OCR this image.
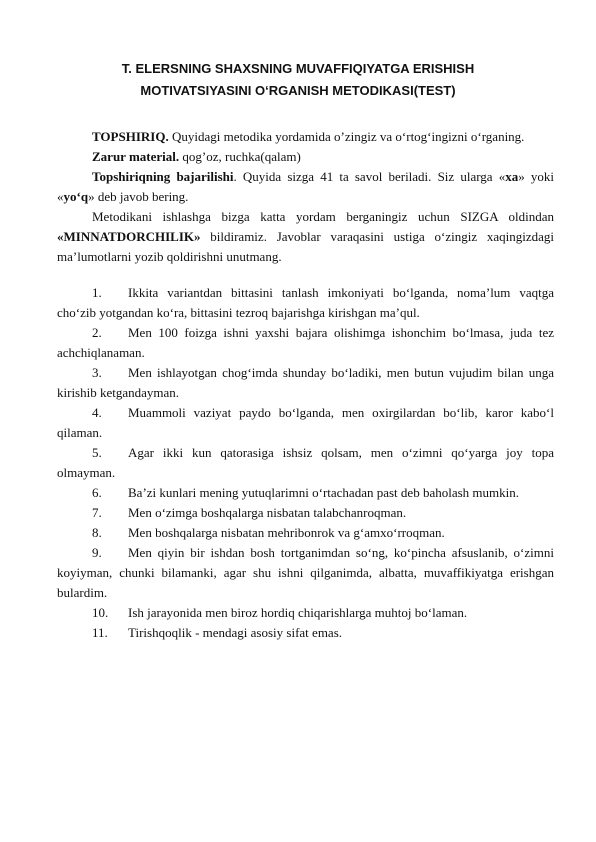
T. ELERSNING SHAXSNING MUVAFFIQIYATGA ERISHISH
MOTIVATSIYASINI O‘RGANISH METODIKASI(TEST)

TOPSHIRIQ. Quyidagi metodika yordamida o’zingiz va o‘rtog‘ingizni o‘rganing.

Zarur material. qog’oz, ruchka(qalam)

Topshiriqning bajarilishi. Quyida sizga 41 ta savol beriladi. Siz ularga «xa» yoki «yo‘q» deb javob bering.

Metodikani ishlashga bizga katta yordam berganingiz uchun SIZGA oldindan «MINNATDORCHILIK» bildiramiz. Javoblar varaqasini ustiga o‘zingiz xaqingizdagi ma’lumotlarni yozib qoldirishni unutmang.

1. Ikkita variantdan bittasini tanlash imkoniyati bo‘lganda, noma’lum vaqtga cho‘zib yotgandan ko‘ra, bittasini tezroq bajarishga kirishgan ma’qul.

2. Men 100 foizga ishni yaxshi bajara olishimga ishonchim bo‘lmasa, juda tez achchiqlanaman.

3. Men ishlayotgan chog‘imda shunday bo‘ladiki, men butun vujudim bilan unga kirishib ketgandayman.

4. Muammoli vaziyat paydo bo‘lganda, men oxirgilardan bo‘lib, karor kabo‘l qilaman.

5. Agar ikki kun qatorasiga ishsiz qolsam, men o‘zimni qo‘yarga joy topa olmayman.

6. Ba’zi kunlari mening yutuqlarimni o‘rtachadan past deb baholash mumkin.

7. Men o‘zimga boshqalarga nisbatan talabchanroqman.

8. Men boshqalarga nisbatan mehribonrok va g‘amxo‘rroqman.

9. Men qiyin bir ishdan bosh tortganimdan so‘ng, ko‘pincha afsuslanib, o‘zimni koyiyman, chunki bilamanki, agar shu ishni qilganimda, albatta, muvaffikiyatga erishgan bulardim.

10. Ish jarayonida men biroz hordiq chiqarishlarga muhtoj bo‘laman.

11. Tirishqoqlik - mendagi asosiy sifat emas.
